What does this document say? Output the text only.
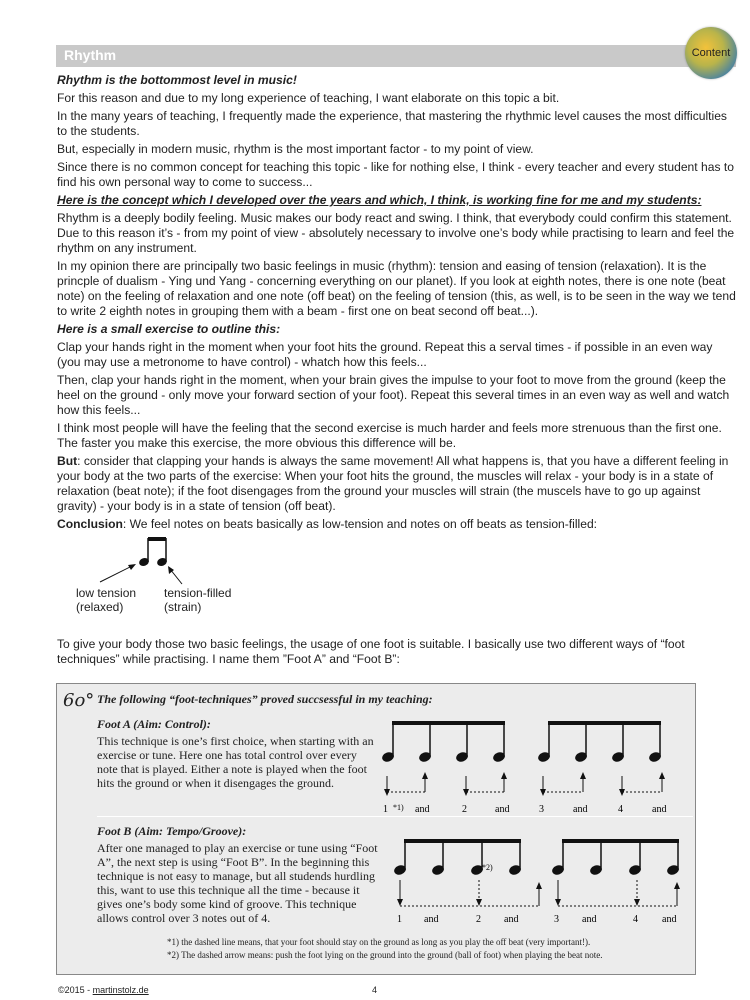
Rhythm	Content

Rhythm is the bottommost level in music!

For this reason and due to my long experience of teaching, I want elaborate on this topic a bit.

In the many years of teaching, I frequently made the experience, that mastering the rhythmic level causes the most difficulties to the students.

But, especially in modern music, rhythm is the most important factor - to my point of view.

Since there is no common concept for teaching this topic - like for nothing else, I think - every teacher and every student has to find his own personal way to come to success...

Here is the concept which I developed over the years and which, I think, is working fine for me and my students:

Rhythm is a deeply bodily feeling. Music makes our body react and swing. I think, that everybody could confirm this statement. Due to this reason it’s - from my point of view - absolutely necessary to involve one’s body while practising to learn and feel the rhythm on any instrument.

In my opinion there are principally two basic feelings in music (rhythm): tension and easing of tension (relaxation). It is the princple of dualism - Ying und Yang - concerning everything on our planet). If you look at eighth notes, there is one note (beat note) on the feeling of relaxation and one note (off beat) on the feeling of tension (this, as well, is to be seen in the way we tend to write 2 eighth notes in grouping them with a beam - first one on beat second off beat...).

Here is a small exercise to outline this:

Clap your hands right in the moment when your foot hits the ground. Repeat this a serval times - if possible in an even way (you may use a metronome to have control) - whatch how this feels...

Then, clap your hands right in the moment, when your brain gives the impulse to your foot to move from the ground (keep the heel on the ground - only move your forward section of your foot). Repeat this several times in an even way as well and watch how this feels...

I think most people will have the feeling that the second exercise is much harder and feels more strenuous than the first one. The faster you make this exercise, the more obvious this difference will be.

But: consider that clapping your hands is always the same movement! All what happens is, that you have a different feeling in your body at the two parts of the exercise: When your foot hits the ground, the muscles will relax - your body is in a state of relaxation (beat note); if the foot disengages from the ground your muscles will strain (the muscels have to go up against gravity) - your body is in a state of tension (off beat).

Conclusion: We feel notes on beats basically as low-tension and notes on off beats as tension-filled:

low tension
(relaxed)
tension-filled
(strain)
To give your body those two basic feelings, the usage of one foot is suitable. I basically use two different ways of “foot techniques” while practising. I name them ”Foot A” and “Foot B”:
6o° The following “foot-techniques” proved succsessful in my teaching:
Foot A (Aim: Control):
This technique is one’s first choice, when starting with an exercise or tune. Here one has total control over every note that is played. Either a note is played when the foot hits the ground or when it disengages the ground.
1 *1) and	2	and	3	and	4	and
Foot B (Aim: Tempo/Groove):
After one managed to play an exercise or tune using “Foot A”, the next step is using “Foot B”. In the beginning this technique is not easy to manage, but all studends hurdling this, want to use this technique all the time - because it gives one’s body some kind of groove. This technique allows control over 3 notes out of 4.
*2)
1 and	2 and	3 and	4 and
*1) the dashed line means, that your foot should stay on the ground as long as you play the off beat (very important!).
*2) The dashed arrow means: push the foot lying on the ground into the ground (ball of foot) when playing the beat note.
©2015 - martinstolz.de	4
